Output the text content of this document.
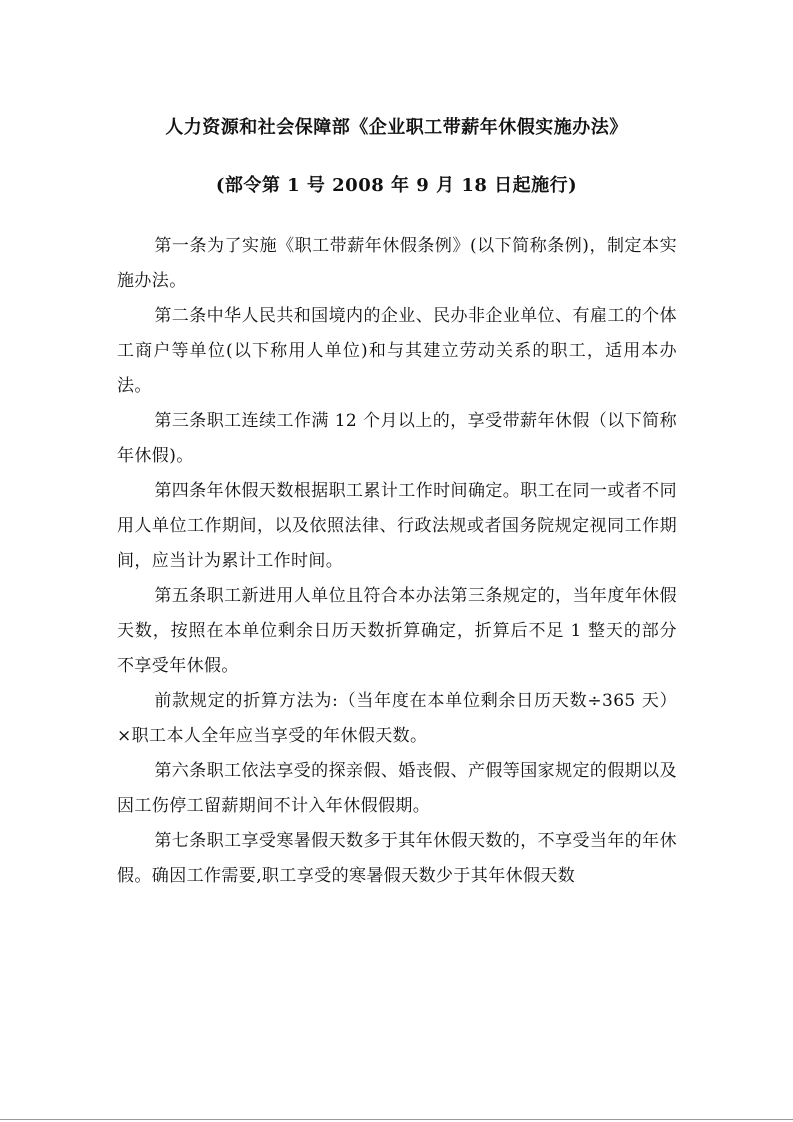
人力资源和社会保障部《企业职工带薪年休假实施办法》
(部令第 1 号 2008 年 9 月 18 日起施行)

第一条为了实施《职工带薪年休假条例》(以下简称条例)，制定本实施办法。

第二条中华人民共和国境内的企业、民办非企业单位、有雇工的个体工商户等单位(以下称用人单位)和与其建立劳动关系的职工，适用本办法。

第三条职工连续工作满 12 个月以上的，享受带薪年休假（以下简称年休假)。

第四条年休假天数根据职工累计工作时间确定。职工在同一或者不同用人单位工作期间，以及依照法律、行政法规或者国务院规定视同工作期间，应当计为累计工作时间。

第五条职工新进用人单位且符合本办法第三条规定的，当年度年休假天数，按照在本单位剩余日历天数折算确定，折算后不足 1 整天的部分不享受年休假。

前款规定的折算方法为:（当年度在本单位剩余日历天数÷365 天）×职工本人全年应当享受的年休假天数。

第六条职工依法享受的探亲假、婚丧假、产假等国家规定的假期以及因工伤停工留薪期间不计入年休假假期。

第七条职工享受寒暑假天数多于其年休假天数的，不享受当年的年休假。确因工作需要,职工享受的寒暑假天数少于其年休假天数
